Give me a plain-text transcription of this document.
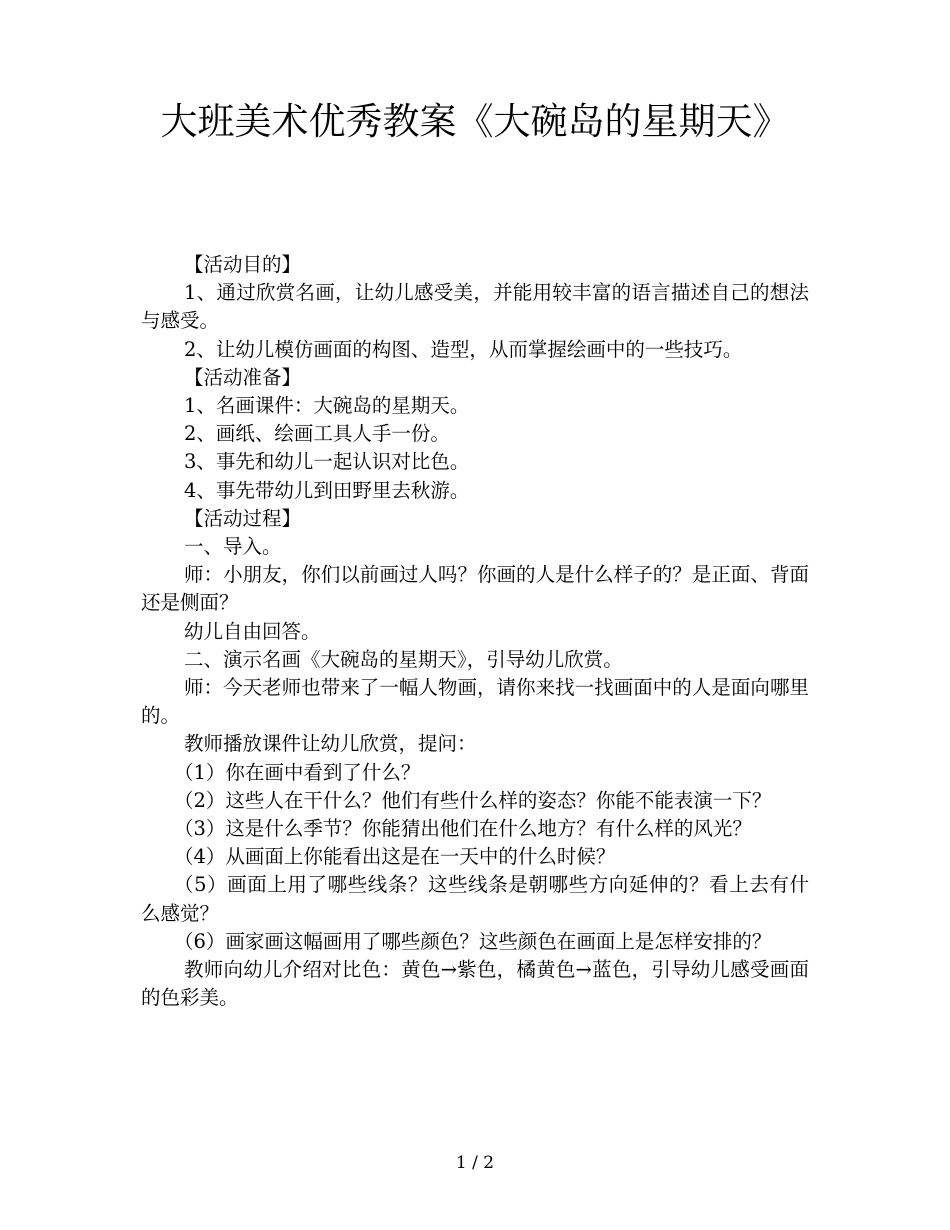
大班美术优秀教案《大碗岛的星期天》

【活动目的】

1、通过欣赏名画，让幼儿感受美，并能用较丰富的语言描述自己的想法与感受。

2、让幼儿模仿画面的构图、造型，从而掌握绘画中的一些技巧。

【活动准备】

1、名画课件：大碗岛的星期天。

2、画纸、绘画工具人手一份。

3、事先和幼儿一起认识对比色。

4、事先带幼儿到田野里去秋游。

【活动过程】

一、导入。

师：小朋友，你们以前画过人吗？你画的人是什么样子的？是正面、背面还是侧面？

幼儿自由回答。

二、演示名画《大碗岛的星期天》，引导幼儿欣赏。

师：今天老师也带来了一幅人物画，请你来找一找画面中的人是面向哪里的。

教师播放课件让幼儿欣赏，提问：

（1）你在画中看到了什么？

（2）这些人在干什么？他们有些什么样的姿态？你能不能表演一下？

（3）这是什么季节？你能猜出他们在什么地方？有什么样的风光？

（4）从画面上你能看出这是在一天中的什么时候？

（5）画面上用了哪些线条？这些线条是朝哪些方向延伸的？看上去有什么感觉？

（6）画家画这幅画用了哪些颜色？这些颜色在画面上是怎样安排的？

教师向幼儿介绍对比色：黄色→紫色，橘黄色→蓝色，引导幼儿感受画面的色彩美。

1 / 2
